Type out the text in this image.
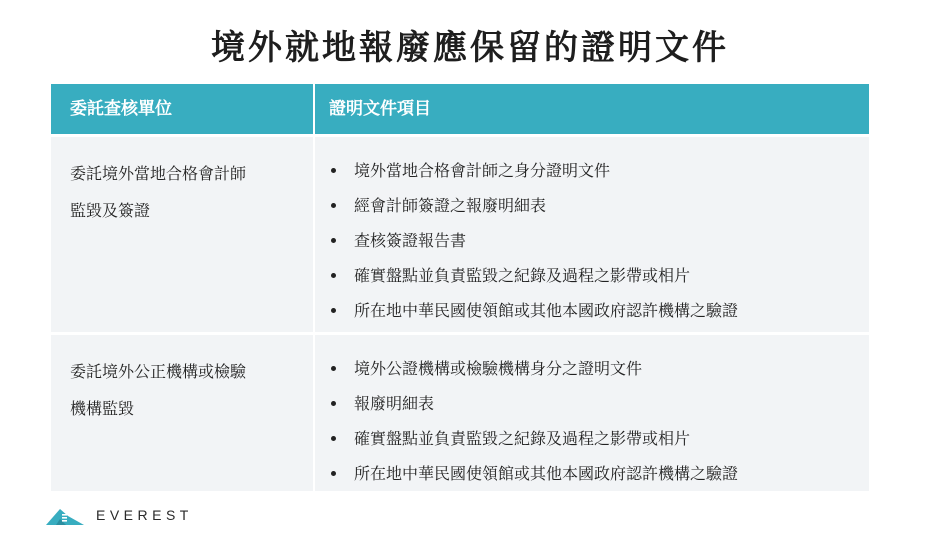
境外就地報廢應保留的證明文件
委託查核單位	證明文件項目
委託境外當地合格會計師
監毀及簽證
境外當地合格會計師之身分證明文件
經會計師簽證之報廢明細表
查核簽證報告書
確實盤點並負責監毀之紀錄及過程之影帶或相片
所在地中華民國使領館或其他本國政府認許機構之驗證
委託境外公正機構或檢驗
機構監毀
境外公證機構或檢驗機構身分之證明文件
報廢明細表
確實盤點並負責監毀之紀錄及過程之影帶或相片
所在地中華民國使領館或其他本國政府認許機構之驗證
EVEREST
